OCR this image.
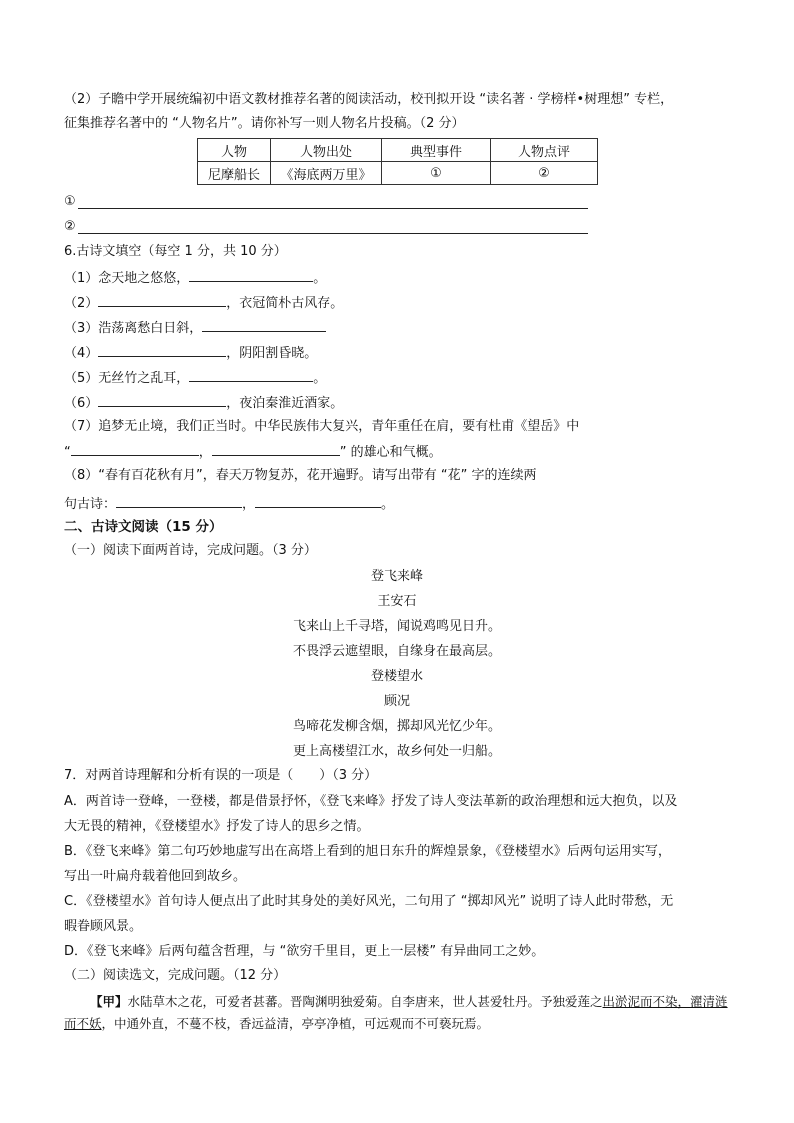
（2）子瞻中学开展统编初中语文教材推荐名著的阅读活动，校刊拟开设 “读名著 · 学榜样•树理想” 专栏，
征集推荐名著中的 “人物名片”。请你补写一则人物名片投稿。（2 分）
人物	人物出处	典型事件	人物点评
尼摩船长	《海底两万里》	①	②
①
②
6.古诗文填空（每空 1 分，共 10 分）
（1）念天地之悠悠，	。
（2）	，衣冠简朴古风存。
（3）浩荡离愁白日斜，
（4）	，阴阳割昏晓。
（5）无丝竹之乱耳，	。
（6）	，夜泊秦淮近酒家。
（7）追梦无止境，我们正当时。中华民族伟大复兴，青年重任在肩，要有杜甫《望岳》中
“	，	” 的雄心和气概。
（8）“春有百花秋有月”，春天万物复苏，花开遍野。请写出带有 “花” 字的连续两
句古诗：	，	。
二、古诗文阅读（15 分）
（一）阅读下面两首诗，完成问题。（3 分）
登飞来峰
王安石
飞来山上千寻塔，闻说鸡鸣见日升。
不畏浮云遮望眼，自缘身在最高层。
登楼望水
顾况
鸟啼花发柳含烟，掷却风光忆少年。
更上高楼望江水，故乡何处一归船。
7．对两首诗理解和分析有误的一项是（　　）（3 分）
A．两首诗一登峰，一登楼，都是借景抒怀，《登飞来峰》抒发了诗人变法革新的政治理想和远大抱负，以及
大无畏的精神，《登楼望水》抒发了诗人的思乡之情。
B．《登飞来峰》第二句巧妙地虚写出在高塔上看到的旭日东升的辉煌景象，《登楼望水》后两句运用实写，
写出一叶扁舟载着他回到故乡。
C．《登楼望水》首句诗人便点出了此时其身处的美好风光，二句用了 “掷却风光” 说明了诗人此时带愁，无
暇眷顾风景。
D．《登飞来峰》后两句蕴含哲理，与 “欲穷千里目，更上一层楼” 有异曲同工之妙。
（二）阅读选文，完成问题。（12 分）
【甲】水陆草木之花，可爱者甚蕃。晋陶渊明独爱菊。自李唐来，世人甚爱牡丹。予独爱莲之出淤泥而不染，濯清涟而不妖，中通外直，不蔓不枝，香远益清，亭亭净植，可远观而不可亵玩焉。
